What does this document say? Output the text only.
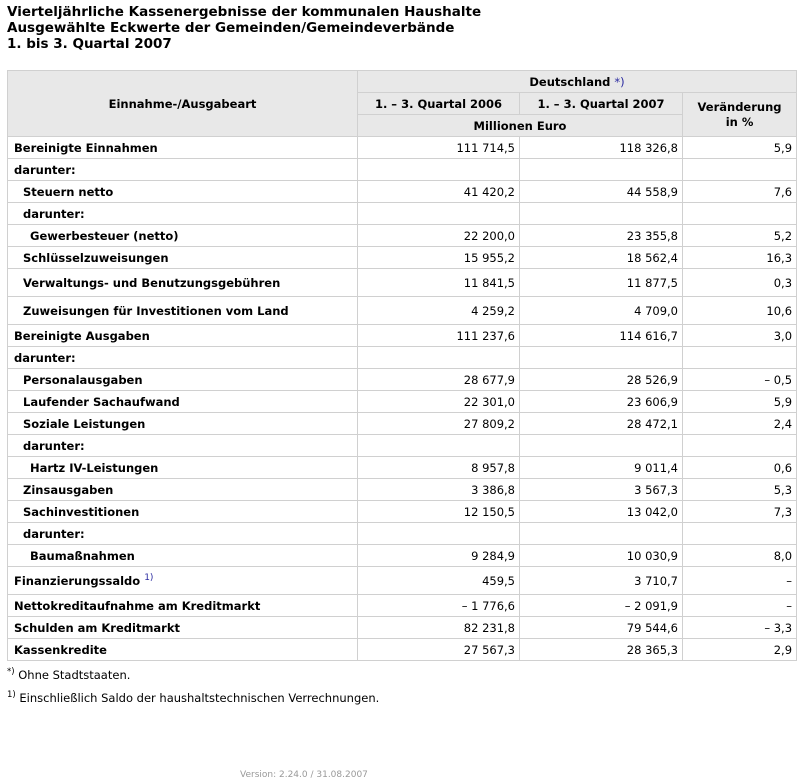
Vierteljährliche Kassenergebnisse der kommunalen Haushalte
Ausgewählte Eckwerte der Gemeinden/Gemeindeverbände
1. bis 3. Quartal 2007
Einnahme-/Ausgabeart	Deutschland *)		
	1. – 3. Quartal 2006	1. – 3. Quartal 2007	Veränderung
in %
	Millionen Euro		
Bereinigte Einnahmen	111 714,5	118 326,8	5,9
darunter:			
Steuern netto	41 420,2	44 558,9	7,6
darunter:			
Gewerbesteuer (netto)	22 200,0	23 355,8	5,2
Schlüsselzuweisungen	15 955,2	18 562,4	16,3
Verwaltungs- und Benutzungsgebühren	11 841,5	11 877,5	0,3
Zuweisungen für Investitionen vom Land	4 259,2	4 709,0	10,6
Bereinigte Ausgaben	111 237,6	114 616,7	3,0
darunter:			
Personalausgaben	28 677,9	28 526,9	– 0,5
Laufender Sachaufwand	22 301,0	23 606,9	5,9
Soziale Leistungen	27 809,2	28 472,1	2,4
darunter:			
Hartz IV-Leistungen	8 957,8	9 011,4	0,6
Zinsausgaben	3 386,8	3 567,3	5,3
Sachinvestitionen	12 150,5	13 042,0	7,3
darunter:			
Baumaßnahmen	9 284,9	10 030,9	8,0
Finanzierungssaldo $^{1)}$	459,5	3 710,7	–
Nettokreditaufnahme am Kreditmarkt	– 1 776,6	– 2 091,9	–
Schulden am Kreditmarkt	82 231,8	79 544,6	– 3,3
Kassenkredite	27 567,3	28 365,3	2,9
*) Ohne Stadtstaaten.
$^{1)}$ Einschließlich Saldo der haushaltstechnischen Verrechnungen.
Version: 2.24.0 / 31.08.2007
